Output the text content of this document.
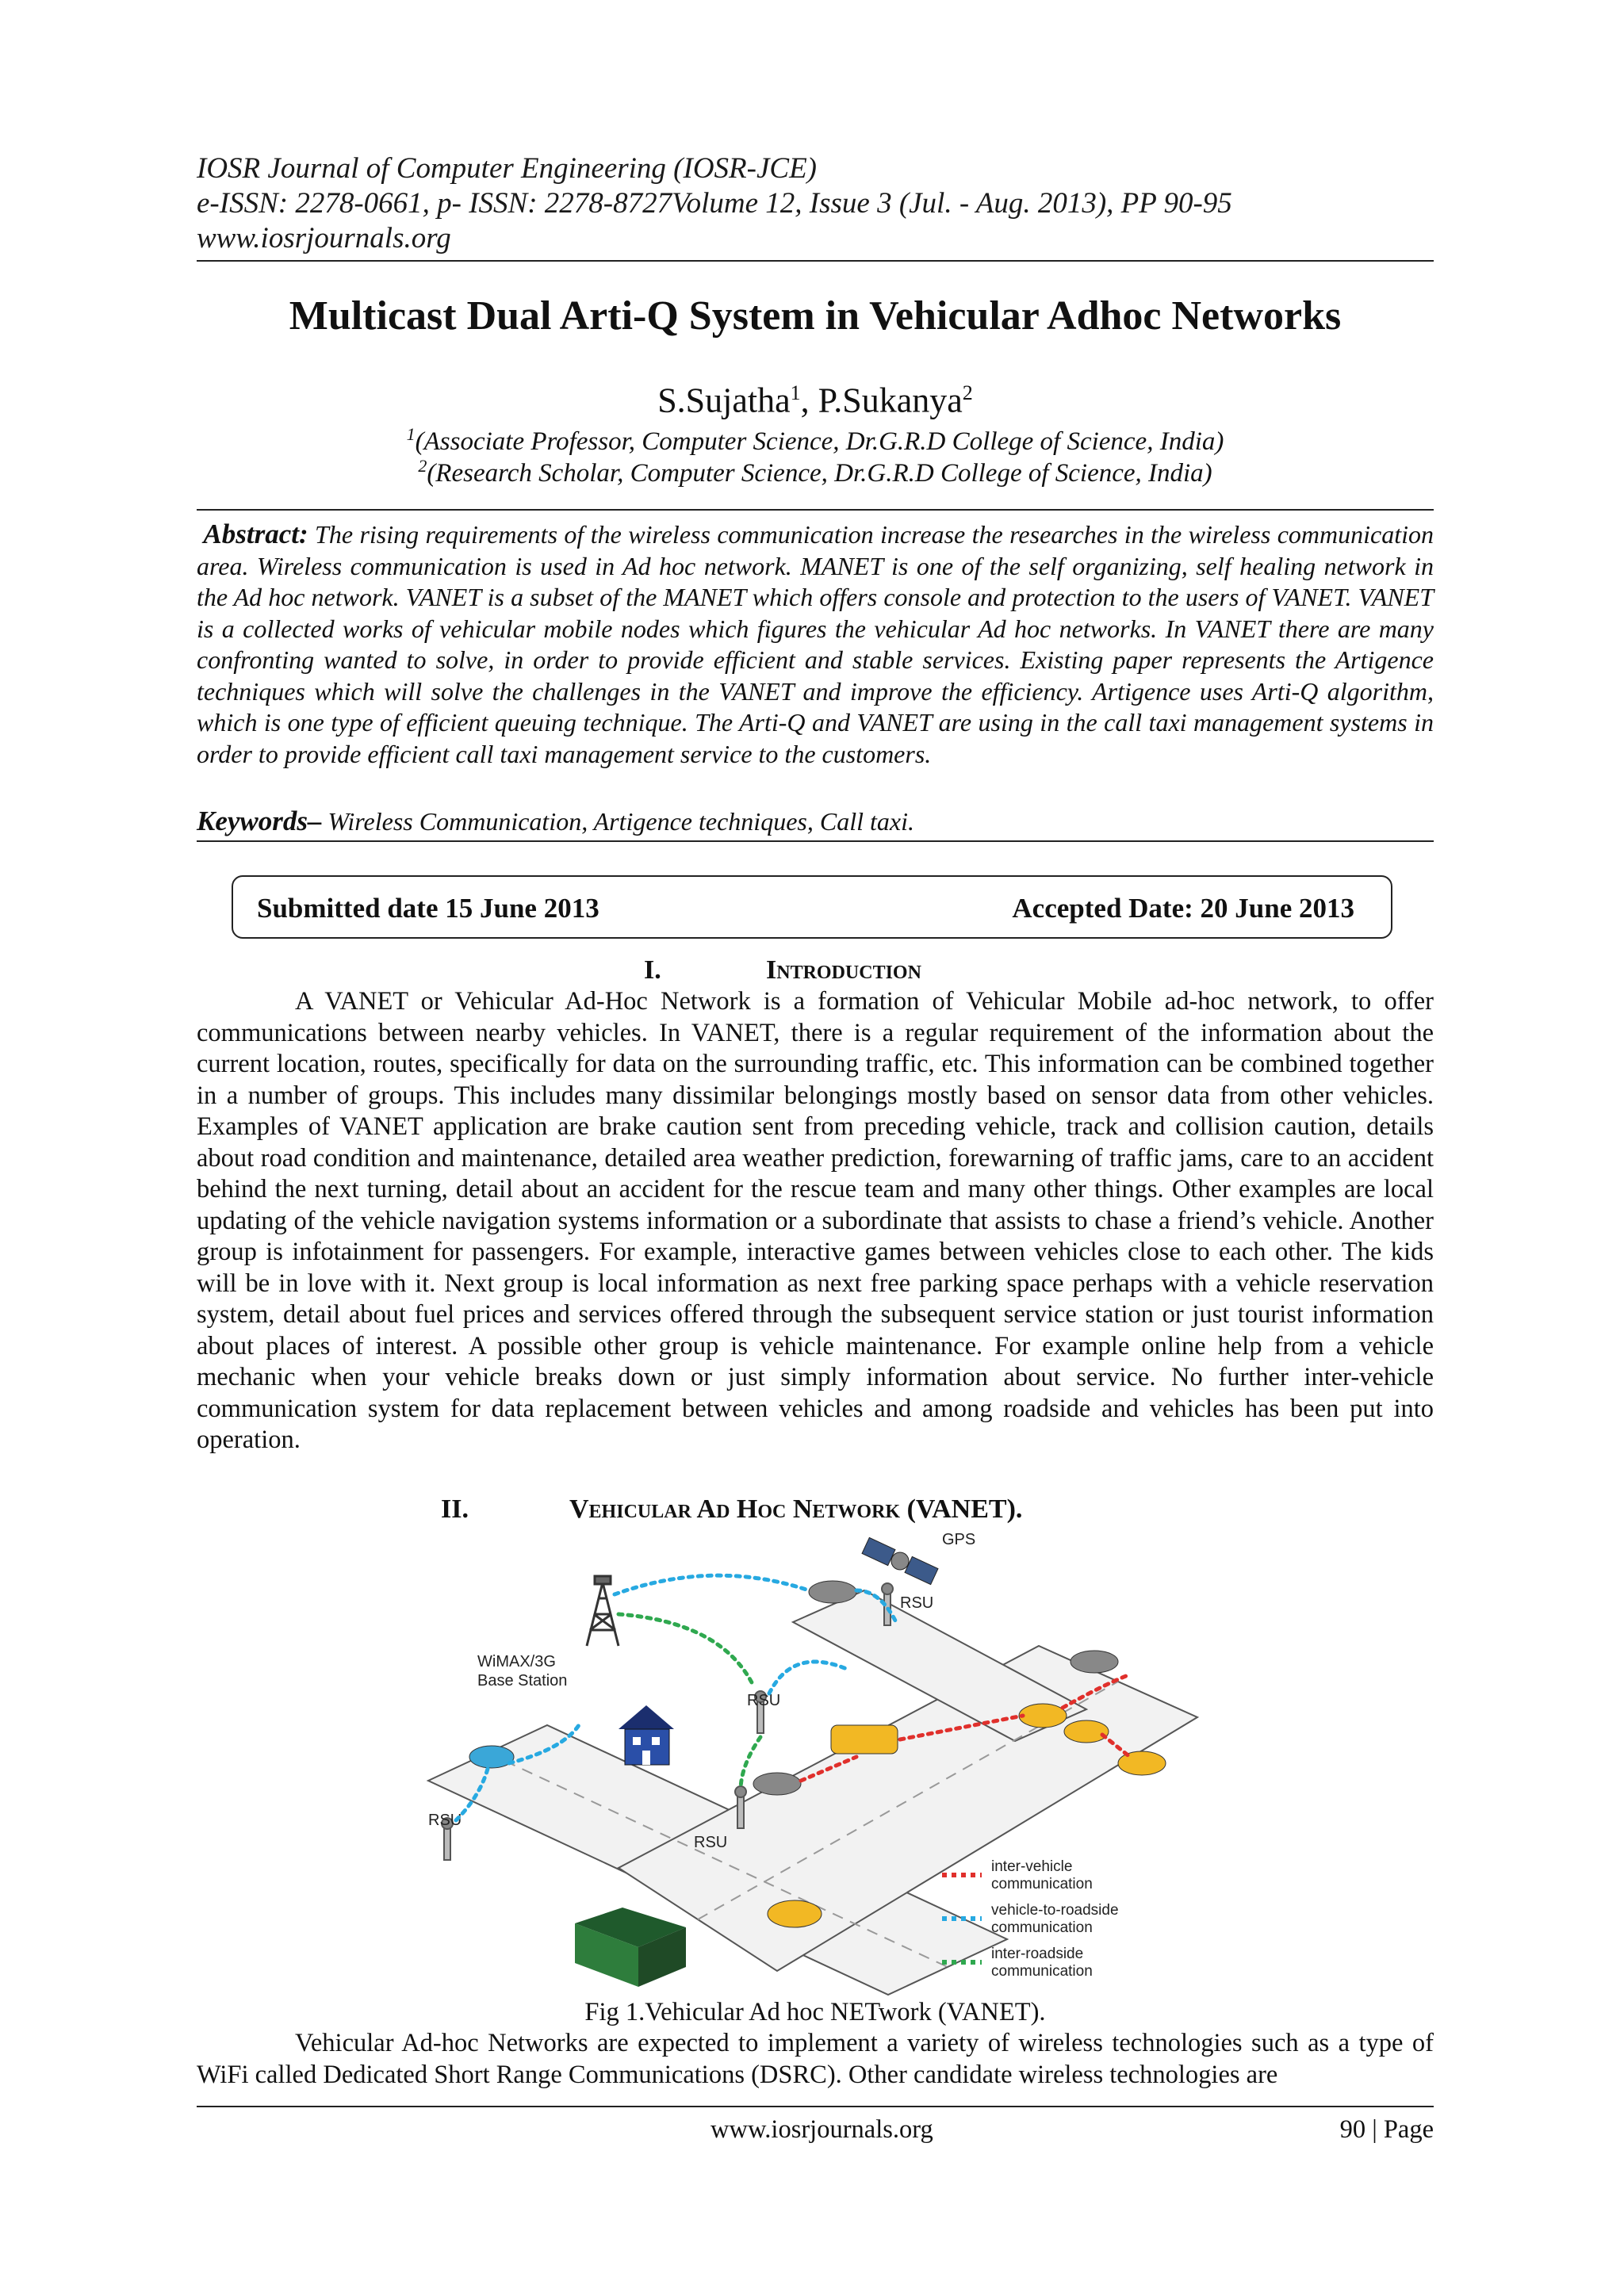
IOSR Journal of Computer Engineering (IOSR-JCE)
e-ISSN: 2278-0661, p- ISSN: 2278-8727Volume 12, Issue 3 (Jul. - Aug. 2013), PP 90-95
www.iosrjournals.org
Multicast Dual Arti-Q System in Vehicular Adhoc Networks
S.Sujatha$^1$, P.Sukanya$^2$
$^1$(Associate Professor, Computer Science, Dr.G.R.D College of Science, India)
$^2$(Research Scholar, Computer Science, Dr.G.R.D College of Science, India)
Abstract: The rising requirements of the wireless communication increase the researches in the wireless communication area. Wireless communication is used in Ad hoc network. MANET is one of the self organizing, self healing network in the Ad hoc network. VANET is a subset of the MANET which offers console and protection to the users of VANET. VANET is a collected works of vehicular mobile nodes which figures the vehicular Ad hoc networks. In VANET there are many confronting wanted to solve, in order to provide efficient and stable services. Existing paper represents the Artigence techniques which will solve the challenges in the VANET and improve the efficiency. Artigence uses Arti-Q algorithm, which is one type of efficient queuing technique. The Arti-Q and VANET are using in the call taxi management systems in order to provide efficient call taxi management service to the customers.
Keywords– Wireless Communication, Artigence techniques, Call taxi.
Submitted date 15 June 2013	Accepted Date: 20 June 2013
I.	Introduction
A VANET or Vehicular Ad-Hoc Network is a formation of Vehicular Mobile ad-hoc network, to offer communications between nearby vehicles. In VANET, there is a regular requirement of the information about the current location, routes, specifically for data on the surrounding traffic, etc. This information can be combined together in a number of groups. This includes many dissimilar belongings mostly based on sensor data from other vehicles. Examples of VANET application are brake caution sent from preceding vehicle, track and collision caution, details about road condition and maintenance, detailed area weather prediction, forewarning of traffic jams, care to an accident behind the next turning, detail about an accident for the rescue team and many other things. Other examples are local updating of the vehicle navigation systems information or a subordinate that assists to chase a friend’s vehicle. Another group is infotainment for passengers. For example, interactive games between vehicles close to each other. The kids will be in love with it. Next group is local information as next free parking space perhaps with a vehicle reservation system, detail about fuel prices and services offered through the subsequent service station or just tourist information about places of interest. A possible other group is vehicle maintenance. For example online help from a vehicle mechanic when your vehicle breaks down or just simply information about service. No further inter-vehicle communication system for data replacement between vehicles and among roadside and vehicles has been put into operation.
II.	Vehicular Ad Hoc Network (VANET).
WiMAX/3G
Base Station
GPS
RSU
RSU
RSU
RSU
inter-vehicle
communication
vehicle-to-roadside
communication
inter-roadside
communication
Fig 1.Vehicular Ad hoc NETwork (VANET).
Vehicular Ad-hoc Networks are expected to implement a variety of wireless technologies such as a type of WiFi called Dedicated Short Range Communications (DSRC). Other candidate wireless technologies are
www.iosrjournals.org	90 | Page
